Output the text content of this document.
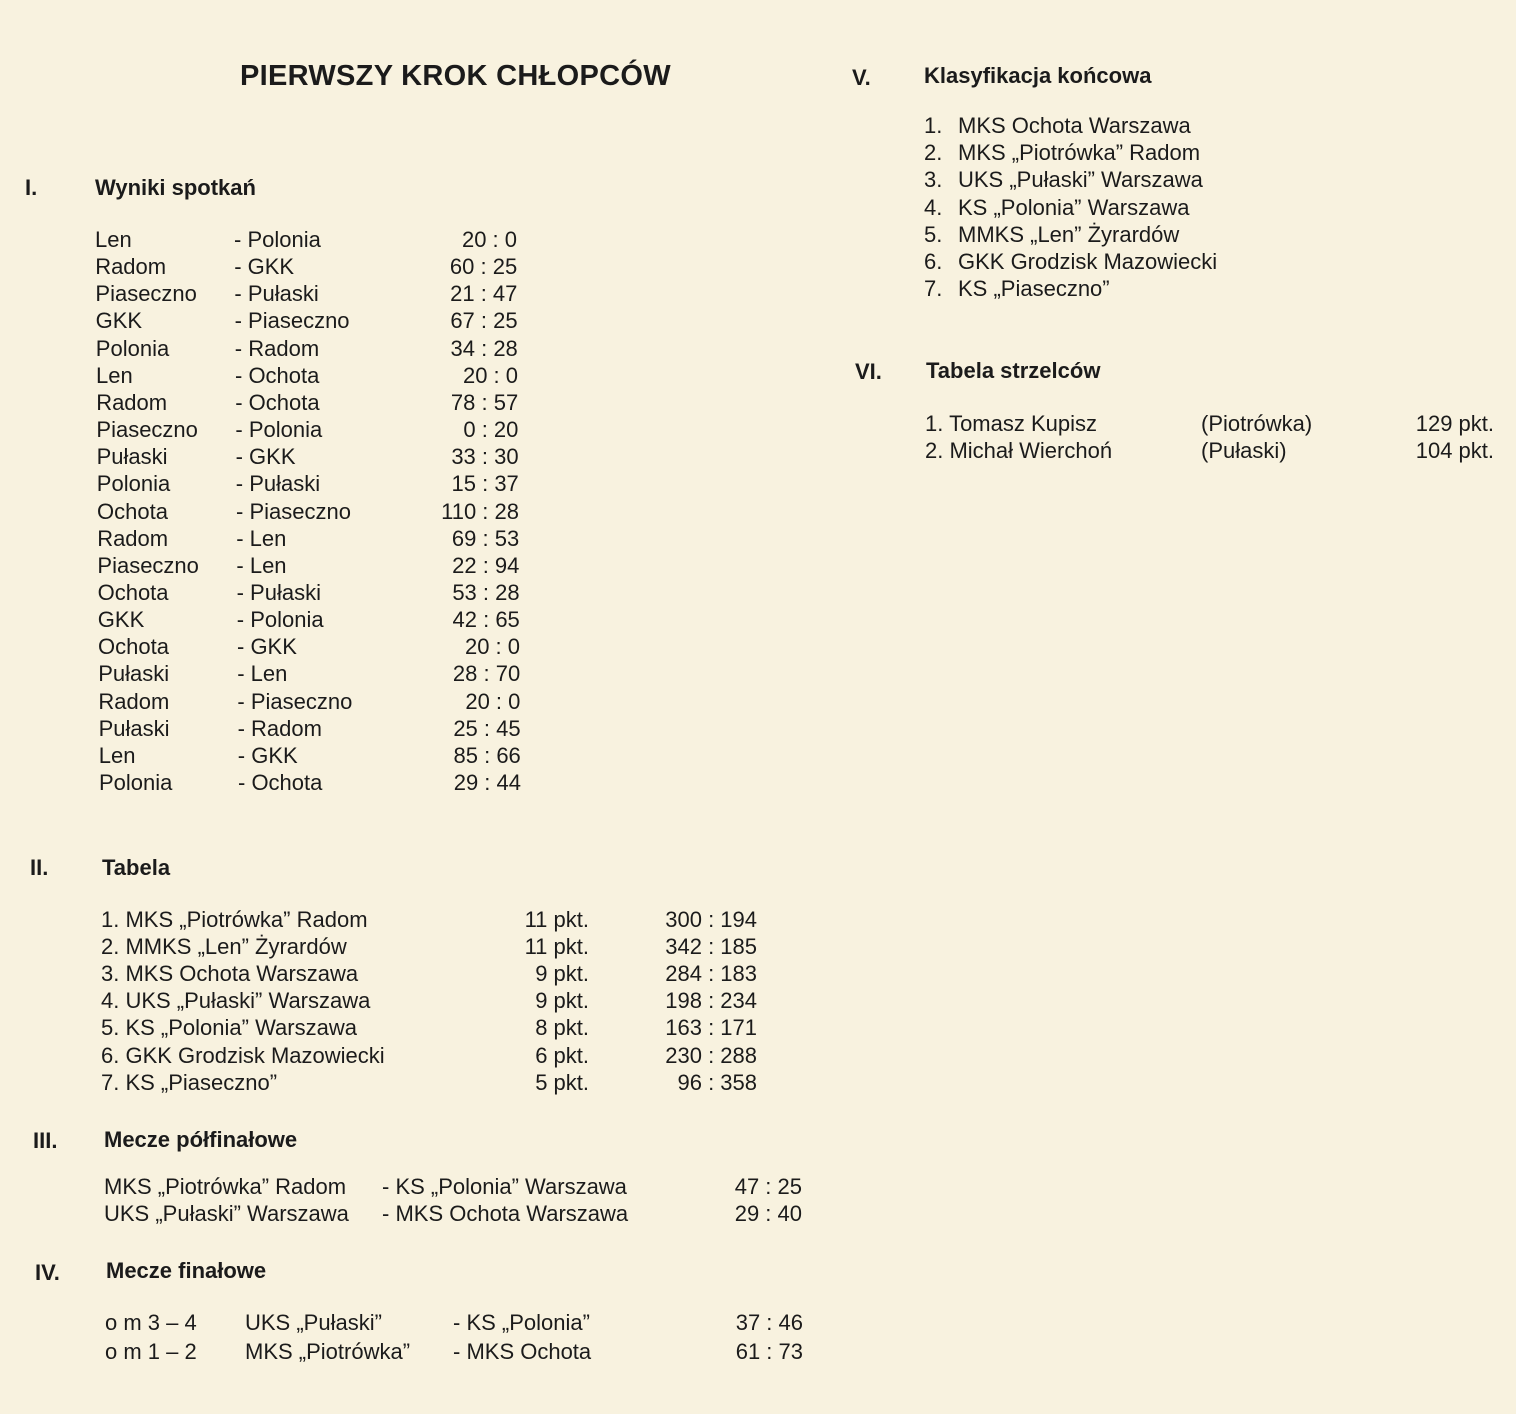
PIERWSZY KROK CHŁOPCÓW
I.	Wyniki spotkań
Len	- Polonia	20 : 0
Radom	- GKK	60 : 25
Piaseczno - Pułaski	21 : 47
GKK	- Piaseczno	67 : 25
Polonia	- Radom	34 : 28
Len	- Ochota	20 : 0
Radom	- Ochota	78 : 57
Piaseczno - Polonia	0 : 20
Pułaski	- GKK	33 : 30
Polonia	- Pułaski	15 : 37
Ochota	- Piaseczno	110 : 28
Radom	- Len	69 : 53
Piaseczno - Len	22 : 94
Ochota	- Pułaski	53 : 28
GKK	- Polonia	42 : 65
Ochota	- GKK	20 : 0
Pułaski	- Len	28 : 70
Radom	- Piaseczno	20 : 0
Pułaski	- Radom	25 : 45
Len	- GKK	85 : 66
Polonia	- Ochota	29 : 44
II. Tabela
1. MKS „Piotrówka” Radom	11 pkt.	300 : 194
2. MMKS „Len” Żyrardów	11 pkt.	342 : 185
3. MKS Ochota Warszawa	9 pkt.	284 : 183
4. UKS „Pułaski” Warszawa	9 pkt.	198 : 234
5. KS „Polonia” Warszawa	8 pkt.	163 : 171
6. GKK Grodzisk Mazowiecki	6 pkt.	230 : 288
7. KS „Piaseczno”	5 pkt.	96 : 358
III. Mecze półfinałowe
MKS „Piotrówka” Radom - KS „Polonia” Warszawa	47 : 25
UKS „Pułaski” Warszawa - MKS Ochota Warszawa	29 : 40
IV. Mecze finałowe
o m 3 – 4 UKS „Pułaski”	- KS „Polonia”	37 : 46
o m 1 – 2 MKS „Piotrówka” - MKS Ochota	61 : 73
V. Klasyfikacja końcowa
1. MKS Ochota Warszawa
2. MKS „Piotrówka” Radom
3. UKS „Pułaski” Warszawa
4. KS „Polonia” Warszawa
5. MMKS „Len” Żyrardów
6. GKK Grodzisk Mazowiecki
7. KS „Piaseczno”
VI. Tabela strzelców
1. Tomasz Kupisz	(Piotrówka)	129 pkt.
2. Michał Wierchoń	(Pułaski)	104 pkt.
